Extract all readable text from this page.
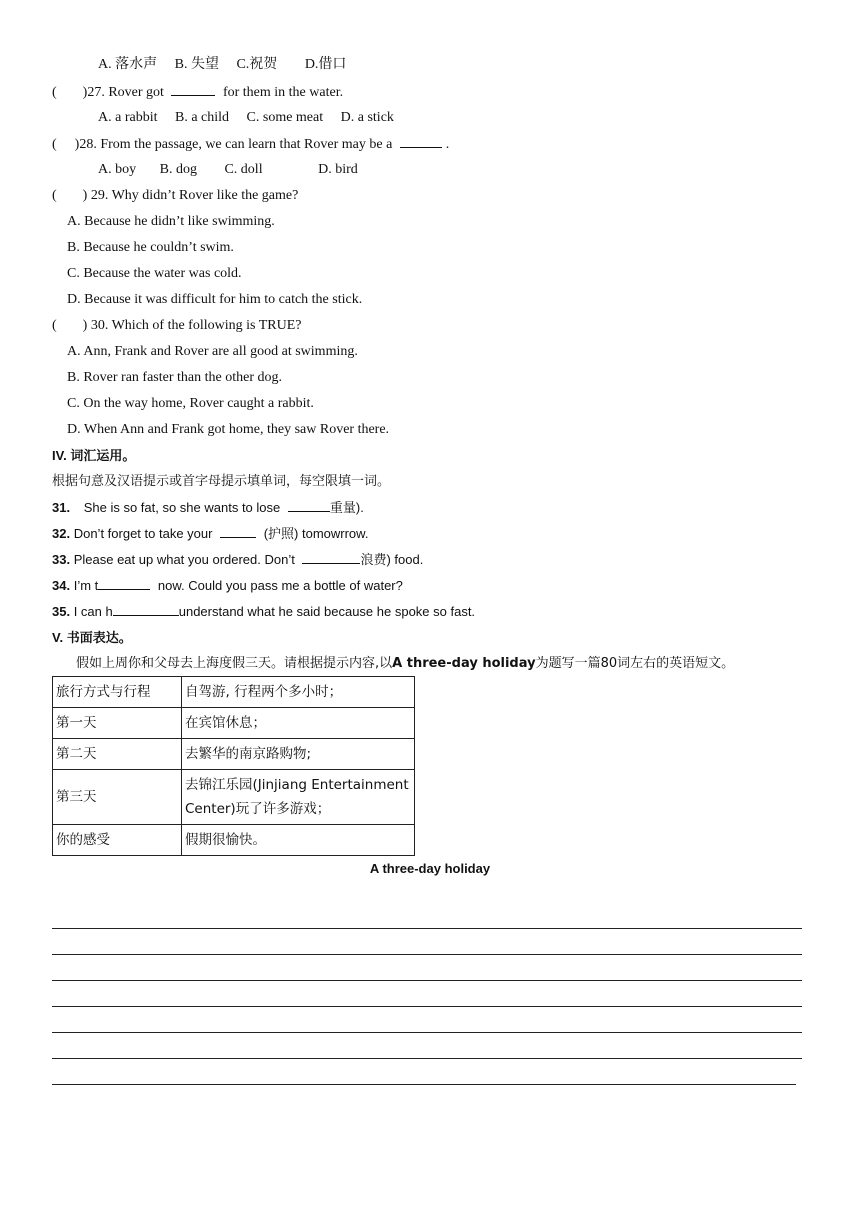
A. 落水声 B. 失望 C.祝贺 D.借口
( )27. Rover got	for them in the water.
A. a rabbit B. a child C. some meat D. a stick
( )28. From the passage, we can learn that Rover may be a	.
A. boy B. dog C. doll	D. bird
( ) 29. Why didn’t Rover like the game?
A. Because he didn’t like swimming.
B. Because he couldn’t swim.
C. Because the water was cold.
D. Because it was difficult for him to catch the stick.
( ) 30. Which of the following is TRUE?
A. Ann, Frank and Rover are all good at swimming.
B. Rover ran faster than the other dog.
C. On the way home, Rover caught a rabbit.
D. When Ann and Frank got home, they saw Rover there.
IV. 词汇运用。
根据句意及汉语提示或首字母提示填单词，每空限填一词。
31. She is so fat, so she wants to lose	重量).
32. Don’t forget to take your	(护照) tomowrrow.
33. Please eat up what you ordered. Don’t	浪费) food.
34. I’m t	now. Could you pass me a bottle of water?
35. I can h	understand what he said because he spoke so fast.
V. 书面表达。
假如上周你和父母去上海度假三天。请根据提示内容,以A three-day holiday为题写一篇80词左右的英语短文。
旅行方式与行程	自驾游, 行程两个多小时；
第一天	在宾馆休息；
第二天	去繁华的南京路购物;
第三天	去锦江乐园(Jinjiang Entertainment Center)玩了许多游戏；
你的感受	假期很愉快。
A three-day holiday
